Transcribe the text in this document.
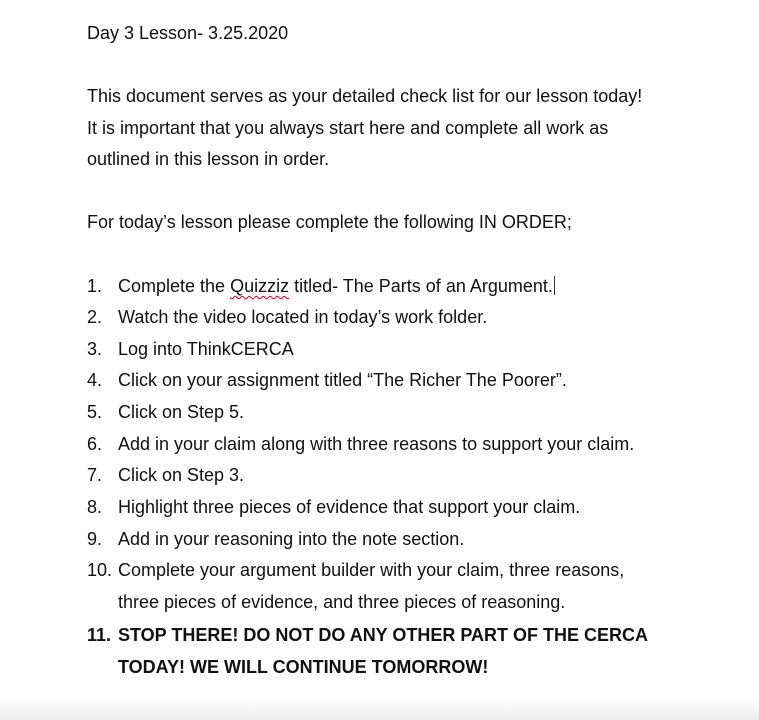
Day 3 Lesson- 3.25.2020
This document serves as your detailed check list for our lesson today!
It is important that you always start here and complete all work as
outlined in this lesson in order.
For today’s lesson please complete the following IN ORDER;
1. Complete the Quizziz titled- The Parts of an Argument.
2. Watch the video located in today’s work folder.
3. Log into ThinkCERCA
4. Click on your assignment titled “The Richer The Poorer”.
5. Click on Step 5.
6. Add in your claim along with three reasons to support your claim.
7. Click on Step 3.
8. Highlight three pieces of evidence that support your claim.
9. Add in your reasoning into the note section.
10. Complete your argument builder with your claim, three reasons,
three pieces of evidence, and three pieces of reasoning.
11. STOP THERE! DO NOT DO ANY OTHER PART OF THE CERCA
TODAY! WE WILL CONTINUE TOMORROW!
